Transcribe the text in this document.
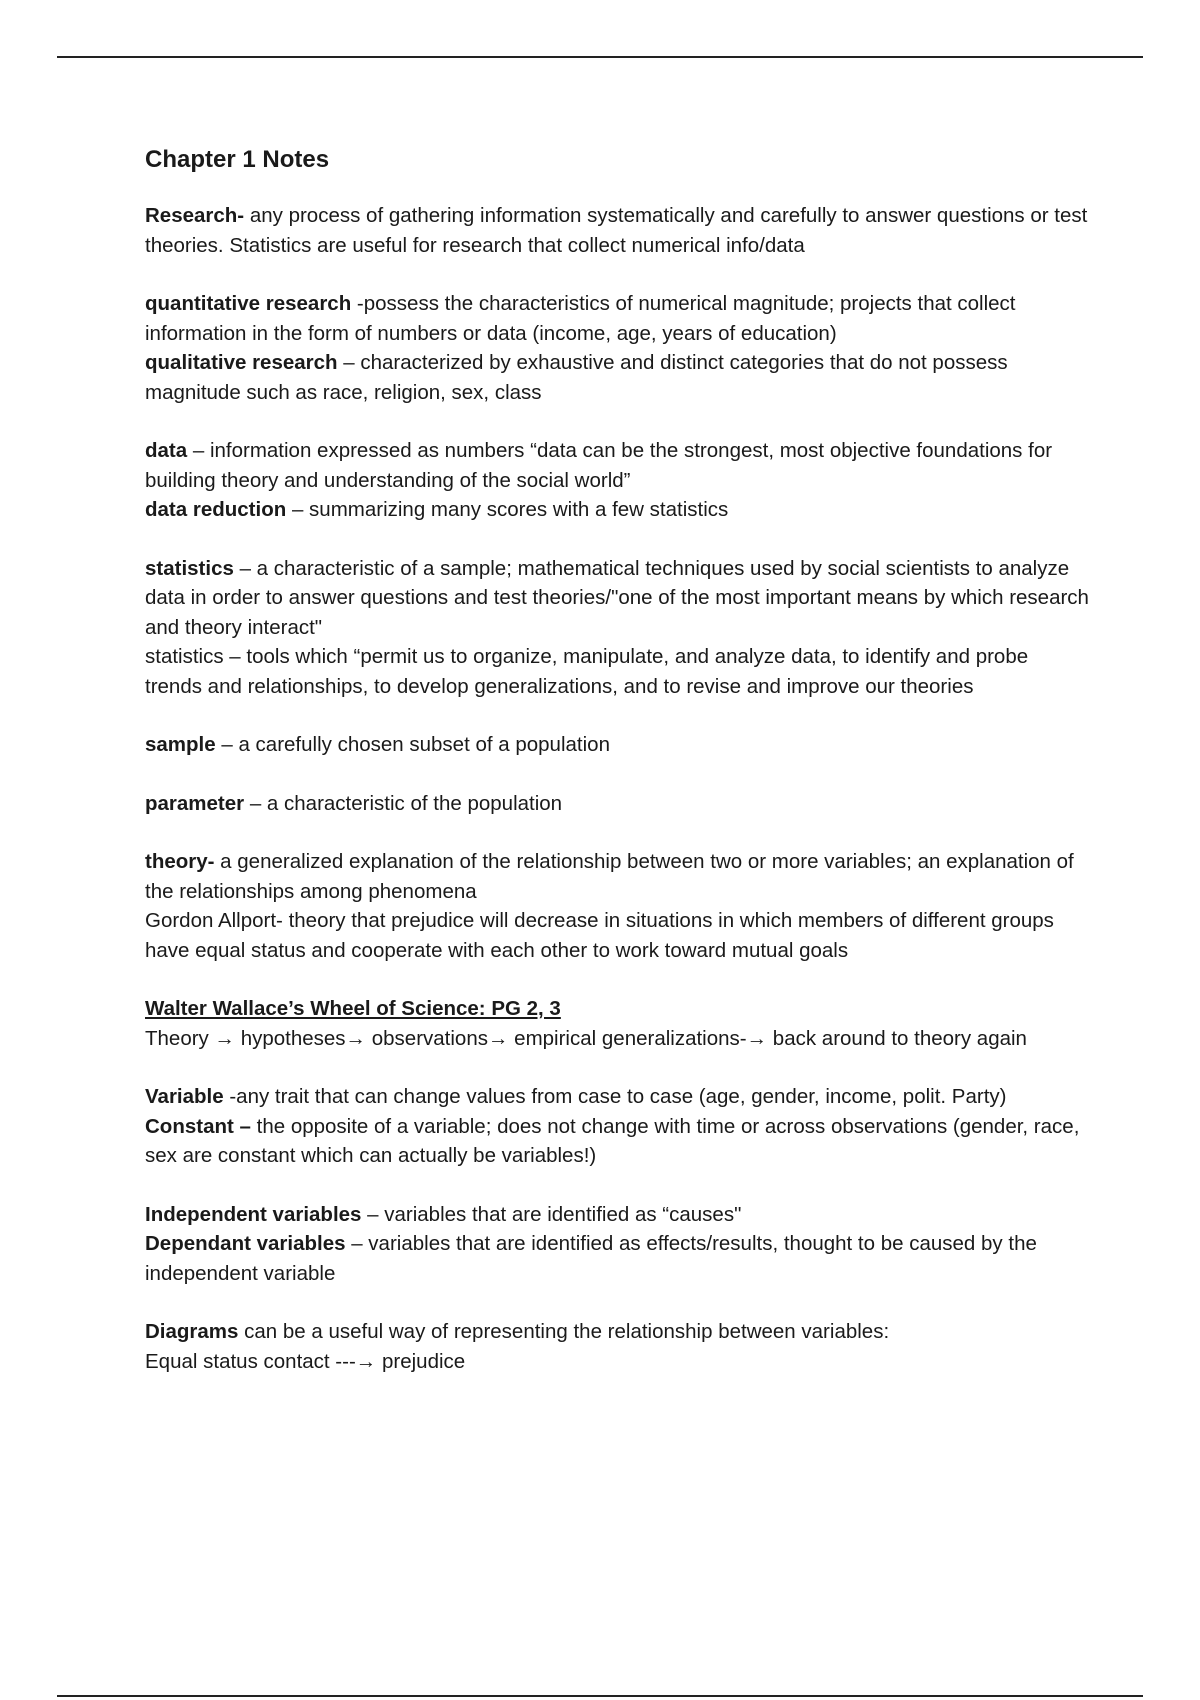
Chapter 1 Notes

Research- any process of gathering information systematically and carefully to answer questions or test theories. Statistics are useful for research that collect numerical info/data

quantitative research -possess the characteristics of numerical magnitude; projects that collect information in the form of numbers or data (income, age, years of education)

qualitative research – characterized by exhaustive and distinct categories that do not possess magnitude such as race, religion, sex, class

data – information expressed as numbers “data can be the strongest, most objective foundations for building theory and understanding of the social world”

data reduction – summarizing many scores with a few statistics

statistics – a characteristic of a sample; mathematical techniques used by social scientists to analyze data in order to answer questions and test theories/"one of the most important means by which research and theory interact"

statistics – tools which “permit us to organize, manipulate, and analyze data, to identify and probe trends and relationships, to develop generalizations, and to revise and improve our theories

sample – a carefully chosen subset of a population

parameter – a characteristic of the population

theory- a generalized explanation of the relationship between two or more variables; an explanation of the relationships among phenomena

Gordon Allport- theory that prejudice will decrease in situations in which members of different groups have equal status and cooperate with each other to work toward mutual goals

Walter Wallace’s Wheel of Science: PG 2, 3

Theory → hypotheses→ observations→ empirical generalizations-→ back around to theory again

Variable -any trait that can change values from case to case (age, gender, income, polit. Party)

Constant – the opposite of a variable; does not change with time or across observations (gender, race, sex are constant which can actually be variables!)

Independent variables – variables that are identified as “causes"

Dependant variables – variables that are identified as effects/results, thought to be caused by the independent variable

Diagrams can be a useful way of representing the relationship between variables:

Equal status contact ---→ prejudice
